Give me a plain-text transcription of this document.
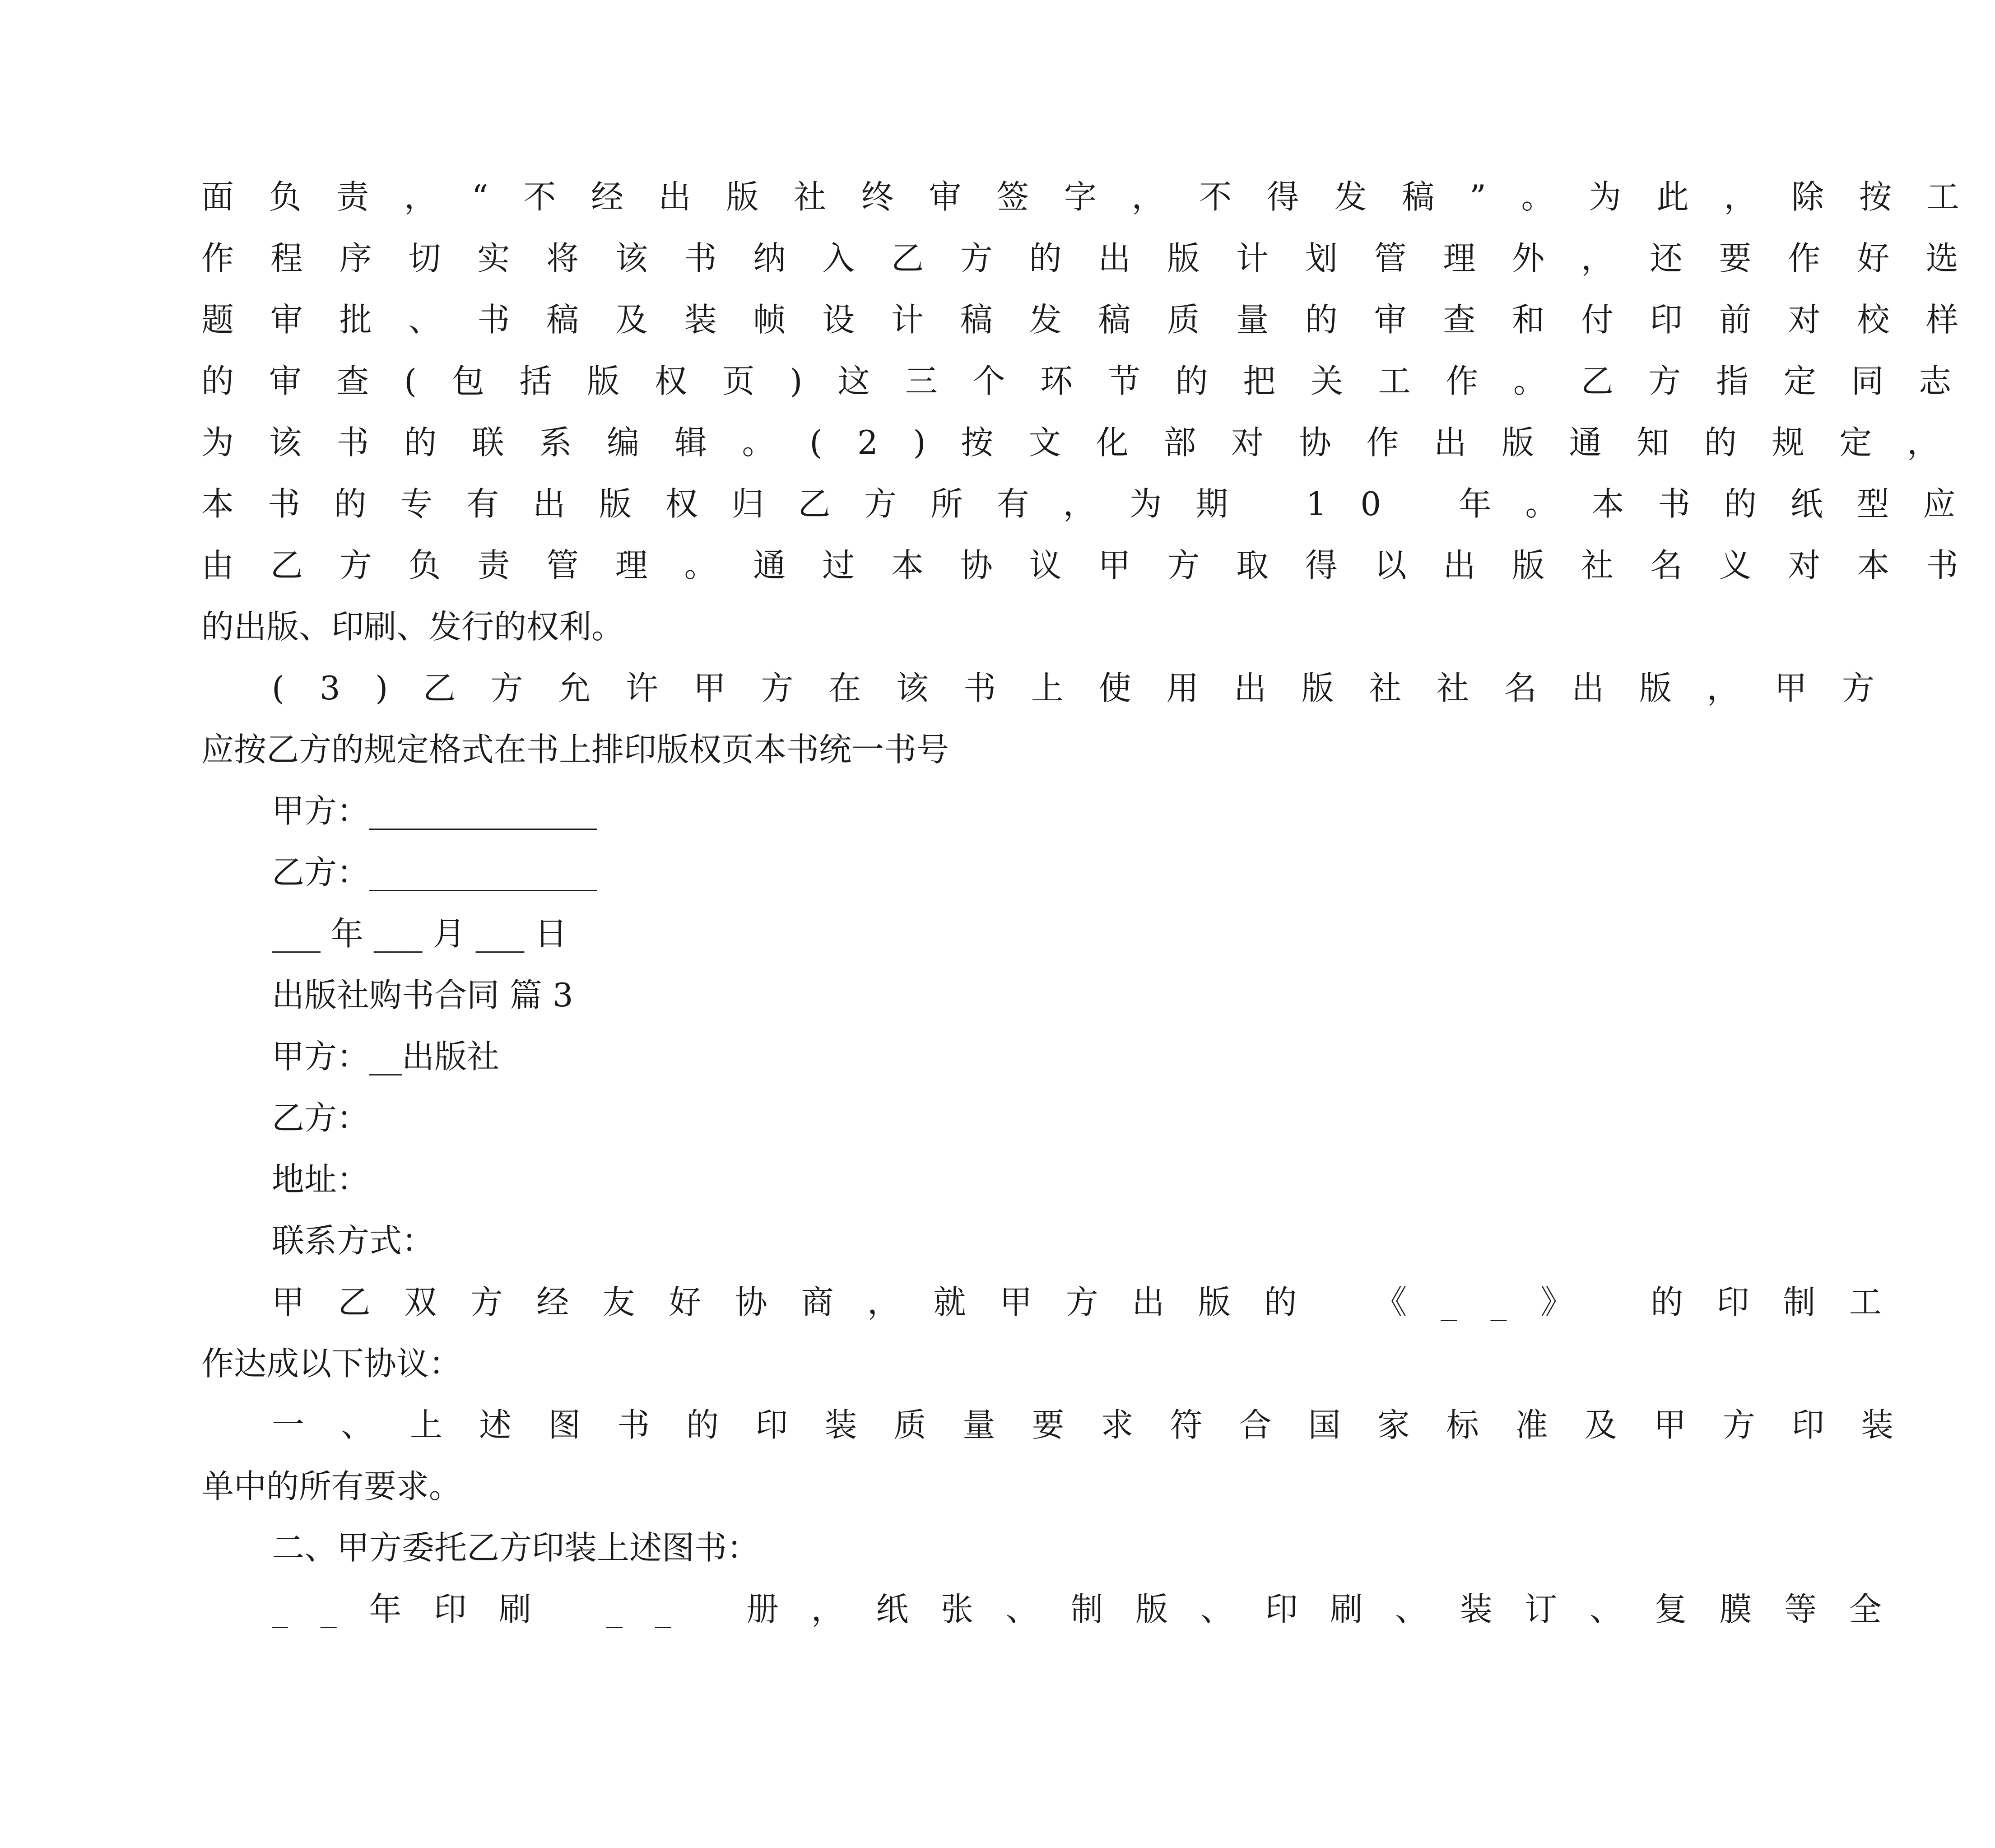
面负责，“不经出版社终审签字，不得发稿”。为此，除按工
作程序切实将该书纳入乙方的出版计划管理外，还要作好选
题审批、书稿及装帧设计稿发稿质量的审查和付印前对校样
的审查(包括版权页)这三个环节的把关工作。乙方指定同志
为该书的联系编辑。(2)按文化部对协作出版通知的规定，
本书的专有出版权归乙方所有，为期 10 年。本书的纸型应
由乙方负责管理。通过本协议甲方取得以出版社名义对本书
的出版、印刷、发行的权利。
(3)乙方允许甲方在该书上使用出版社社名出版，甲方
应按乙方的规定格式在书上排印版权页本书统一书号
甲方：______________
乙方：______________
___ 年 ___ 月 ___ 日
出版社购书合同 篇 3
甲方：__出版社
乙方：
地址：
联系方式：
甲乙双方经友好协商，就甲方出版的 《__》 的印制工
作达成以下协议：
一、上述图书的印装质量要求符合国家标准及甲方印装
单中的所有要求。
二、甲方委托乙方印装上述图书：
__年印刷 __ 册，纸张、制版、印刷、装订、复膜等全
